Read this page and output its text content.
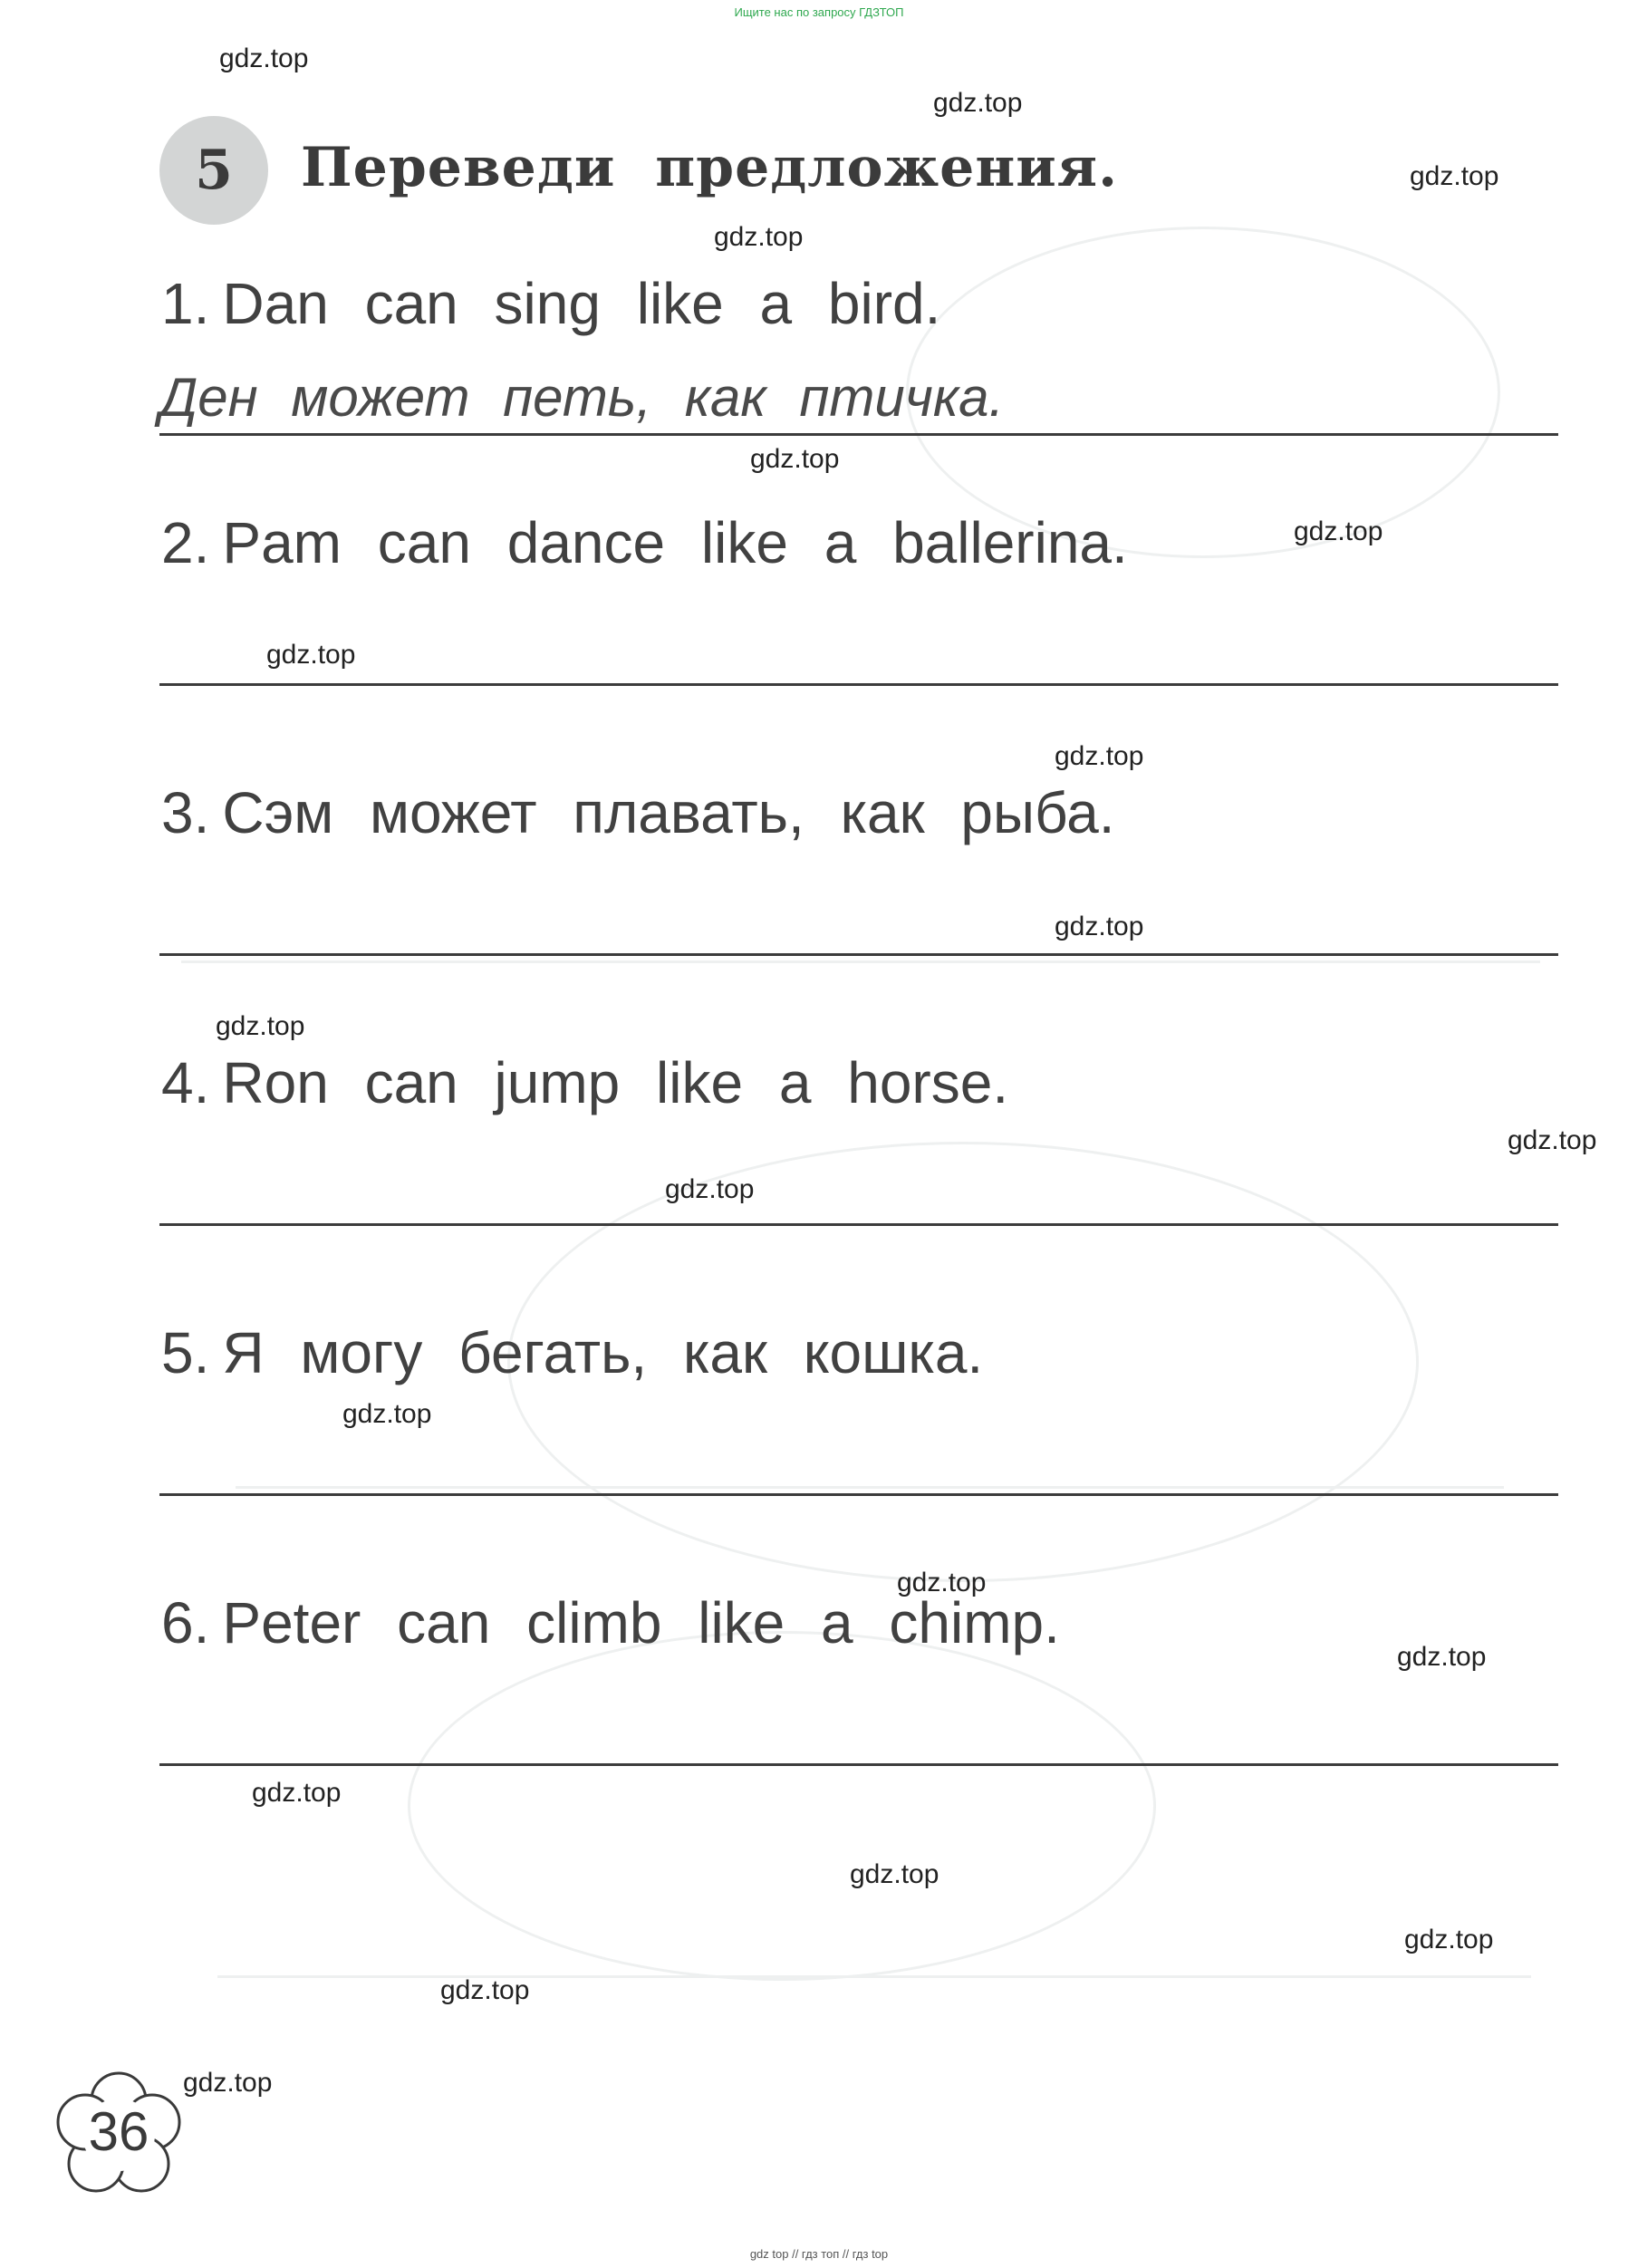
Ищите нас по запросу ГДЗТОП
5 Переведи предложения.
1. Dan can sing like a bird.
Ден может петь, как птичка.
2. Pam can dance like a ballerina.
3. Сэм может плавать, как рыба.
4. Ron can jump like a horse.
5. Я могу бегать, как кошка.
6. Peter can climb like a chimp.
gdz.top
gdz.top
gdz.top
gdz.top
gdz.top
gdz.top
gdz.top
gdz.top
gdz.top
gdz.top
gdz.top
gdz.top
gdz.top
gdz.top
gdz.top
gdz.top
gdz.top
gdz.top
gdz.top
gdz.top
36
gdz top // гдз топ // гдз top
